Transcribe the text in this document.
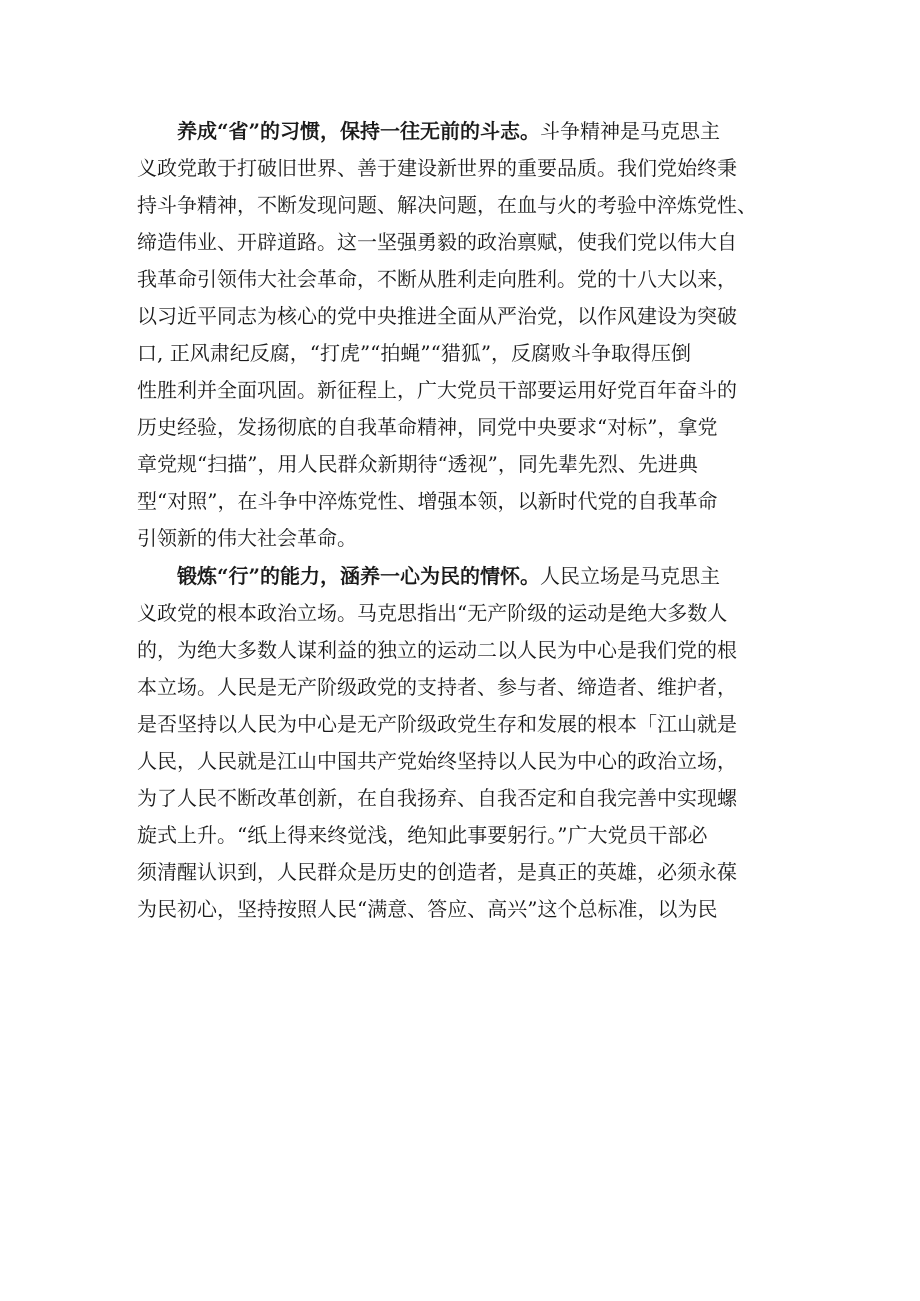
养成“省”的习惯，保持一往无前的斗志。斗争精神是马克思主
义政党敢于打破旧世界、善于建设新世界的重要品质。我们党始终秉
持斗争精神，不断发现问题、解决问题，在血与火的考验中淬炼党性、
缔造伟业、开辟道路。这一坚强勇毅的政治禀赋，使我们党以伟大自
我革命引领伟大社会革命，不断从胜利走向胜利。党的十八大以来，
以习近平同志为核心的党中央推进全面从严治党，以作风建设为突破
口, 正风肃纪反腐，“打虎”“拍蝇”“猎狐”，反腐败斗争取得压倒
性胜利并全面巩固。新征程上，广大党员干部要运用好党百年奋斗的
历史经验，发扬彻底的自我革命精神，同党中央要求“对标”，拿党
章党规“扫描”，用人民群众新期待“透视”，同先辈先烈、先进典
型“对照”，在斗争中淬炼党性、增强本领，以新时代党的自我革命
引领新的伟大社会革命。
锻炼“行”的能力，涵养一心为民的情怀。人民立场是马克思主
义政党的根本政治立场。马克思指出“无产阶级的运动是绝大多数人
的，为绝大多数人谋利益的独立的运动二以人民为中心是我们党的根
本立场。人民是无产阶级政党的支持者、参与者、缔造者、维护者，
是否坚持以人民为中心是无产阶级政党生存和发展的根本「江山就是
人民，人民就是江山中国共产党始终坚持以人民为中心的政治立场，
为了人民不断改革创新，在自我扬弃、自我否定和自我完善中实现螺
旋式上升。“纸上得来终觉浅，绝知此事要躬行。”广大党员干部必
须清醒认识到，人民群众是历史的创造者，是真正的英雄，必须永葆
为民初心，坚持按照人民“满意、答应、高兴”这个总标准，以为民
